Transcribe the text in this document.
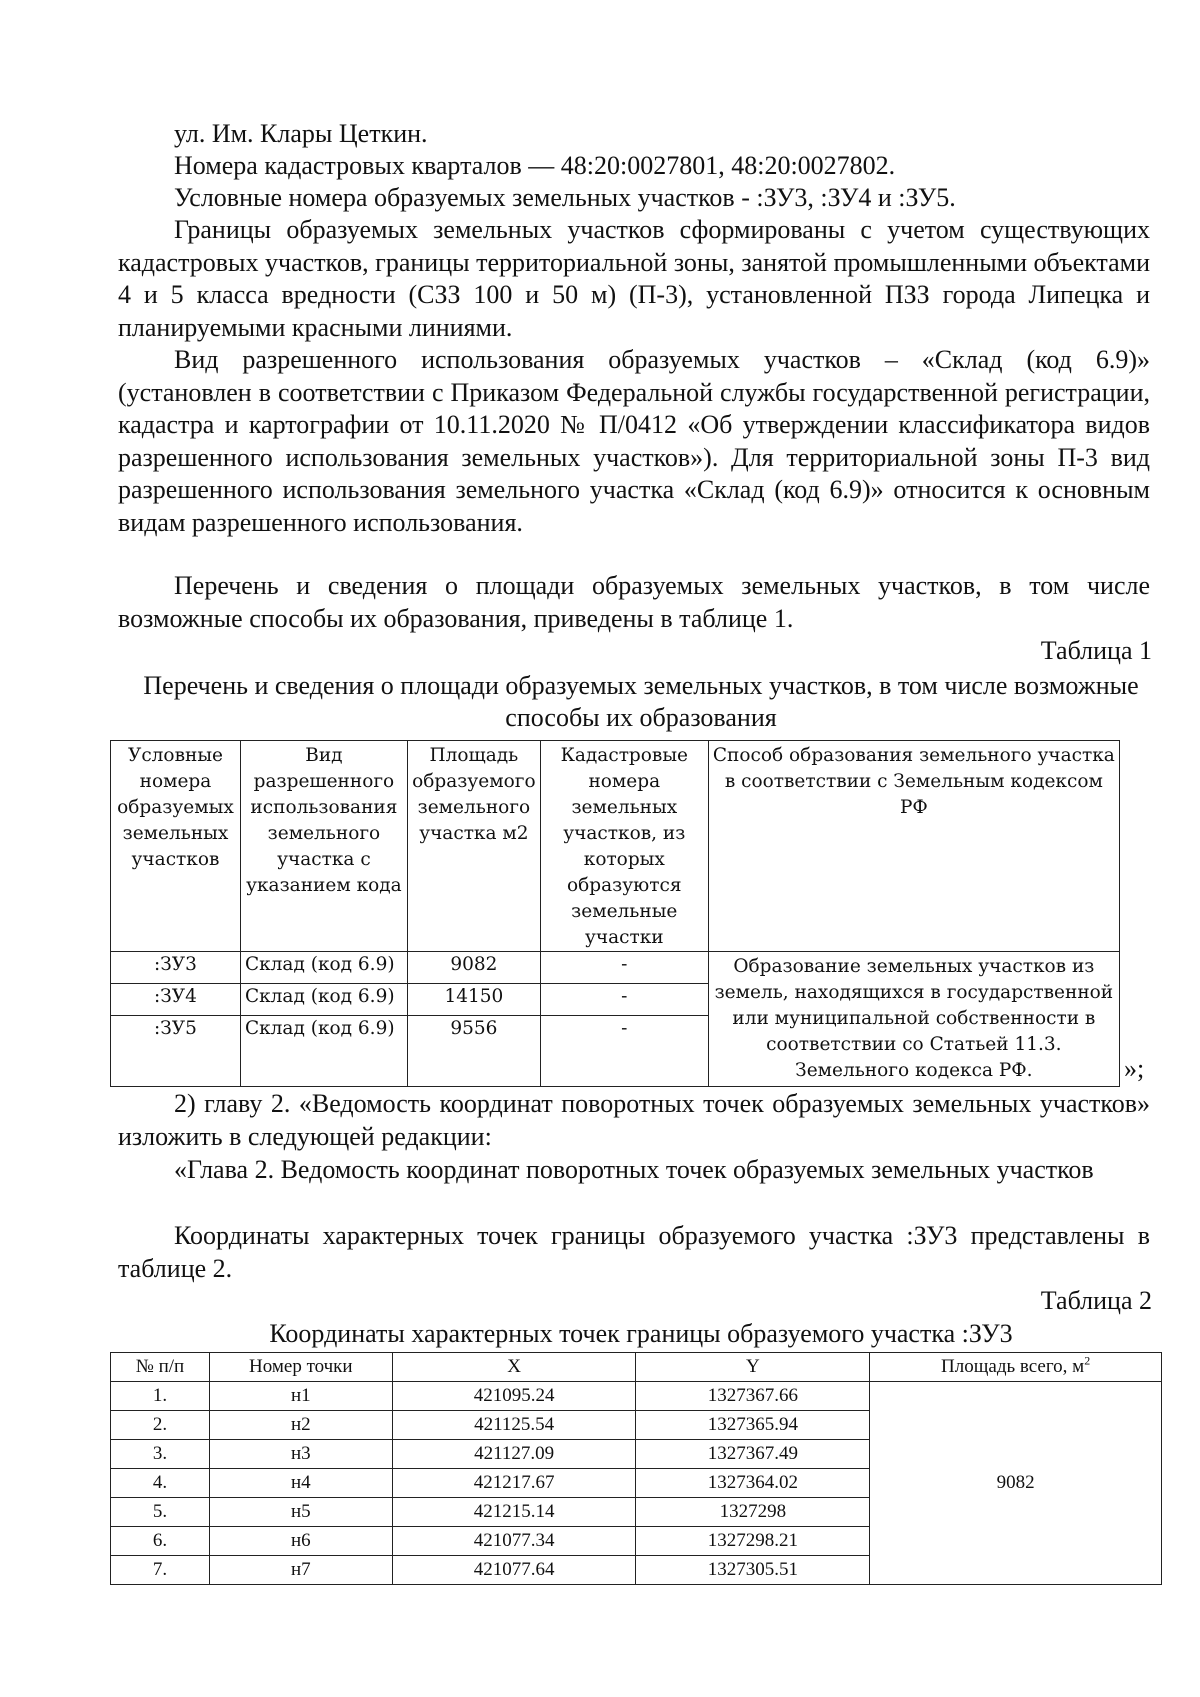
ул. Им. Клары Цеткин.
Номера кадастровых кварталов — 48:20:0027801, 48:20:0027802.
Условные номера образуемых земельных участков - :ЗУ3, :ЗУ4 и :ЗУ5.

Границы образуемых земельных участков сформированы с учетом существующих кадастровых участков, границы территориальной зоны, занятой промышленными объектами 4 и 5 класса вредности (СЗЗ 100 и 50 м) (П-3), установленной ПЗЗ города Липецка и планируемыми красными линиями.

Вид разрешенного использования образуемых участков – «Склад (код 6.9)» (установлен в соответствии с Приказом Федеральной службы государственной регистрации, кадастра и картографии от 10.11.2020 № П/0412 «Об утверждении классификатора видов разрешенного использования земельных участков»). Для территориальной зоны П-3 вид разрешенного использования земельного участка «Склад (код 6.9)» относится к основным видам разрешенного использования.

Перечень и сведения о площади образуемых земельных участков, в том числе возможные способы их образования, приведены в таблице 1.

Таблица 1
Перечень и сведения о площади образуемых земельных участков, в том числе возможные способы их образования
Условные номера образуемых земельных участков	Вид разрешенного использования земельного участка с указанием кода	Площадь образуемого земельного участка м2	Кадастровые номера земельных участков, из которых образуются земельные участки	Способ образования земельного участка в соответствии с Земельным кодексом РФ
:ЗУ3	Склад (код 6.9)	9082	-	Образование земельных участков из земель, находящихся в государственной или муниципальной собственности в соответствии со Статьей 11.3. Земельного кодекса РФ.
:ЗУ4	Склад (код 6.9)	14150	-	
:ЗУ5	Склад (код 6.9)	9556	-	
»;

2) главу 2. «Ведомость координат поворотных точек образуемых земельных участков» изложить в следующей редакции:

«Глава 2. Ведомость координат поворотных точек образуемых земельных участков

Координаты характерных точек границы образуемого участка :ЗУ3 представлены в таблице 2.

Таблица 2
Координаты характерных точек границы образуемого участка :ЗУ3
№ п/п	Номер точки	X	Y	Площадь всего, $м^2$
1.	н1	421095.24	1327367.66	9082
2.	н2	421125.54	1327365.94	
3.	н3	421127.09	1327367.49	
4.	н4	421217.67	1327364.02	
5.	н5	421215.14	1327298	
6.	н6	421077.34	1327298.21	
7.	н7	421077.64	1327305.51	
